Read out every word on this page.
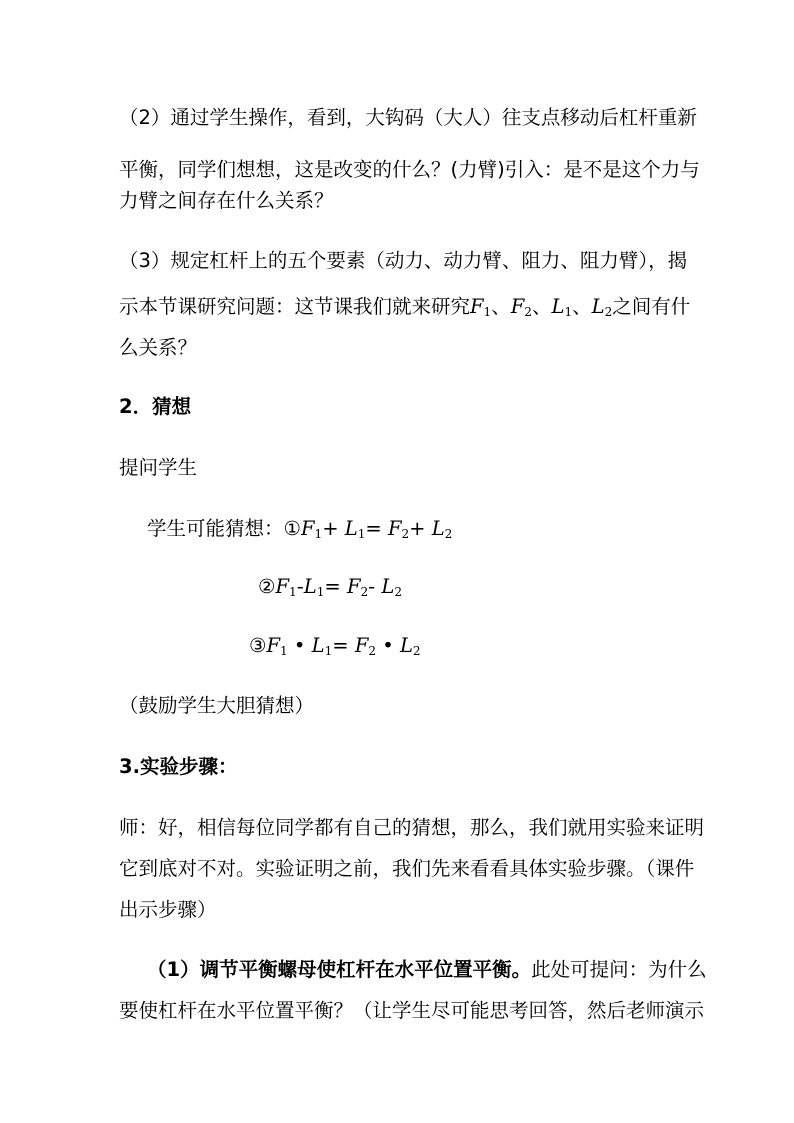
（2）通过学生操作，看到，大钩码（大人）往支点移动后杠杆重新
平衡，同学们想想，这是改变的什么？(力臂)引入：是不是这个力与
力臂之间存在什么关系？
（3）规定杠杆上的五个要素（动力、动力臂、阻力、阻力臂），揭
示本节课研究问题：这节课我们就来研究$F_1$、$F_2$、$L_1$、$L_2$之间有什
么关系？
2．猜想
提问学生
学生可能猜想：$①F_1+ L_1= F_2+ L_2$
$②F_1-L_1= F_2-$ $L_2$
$③F_1$ • $L_1= F_2$ • $L_2$
（鼓励学生大胆猜想）
3.实验步骤：
师：好，相信每位同学都有自己的猜想，那么，我们就用实验来证明
它到底对不对。实验证明之前，我们先来看看具体实验步骤。（课件
出示步骤）
（1）调节平衡螺母使杠杆在水平位置平衡。此处可提问：为什么
要使杠杆在水平位置平衡？（让学生尽可能思考回答，然后老师演示
